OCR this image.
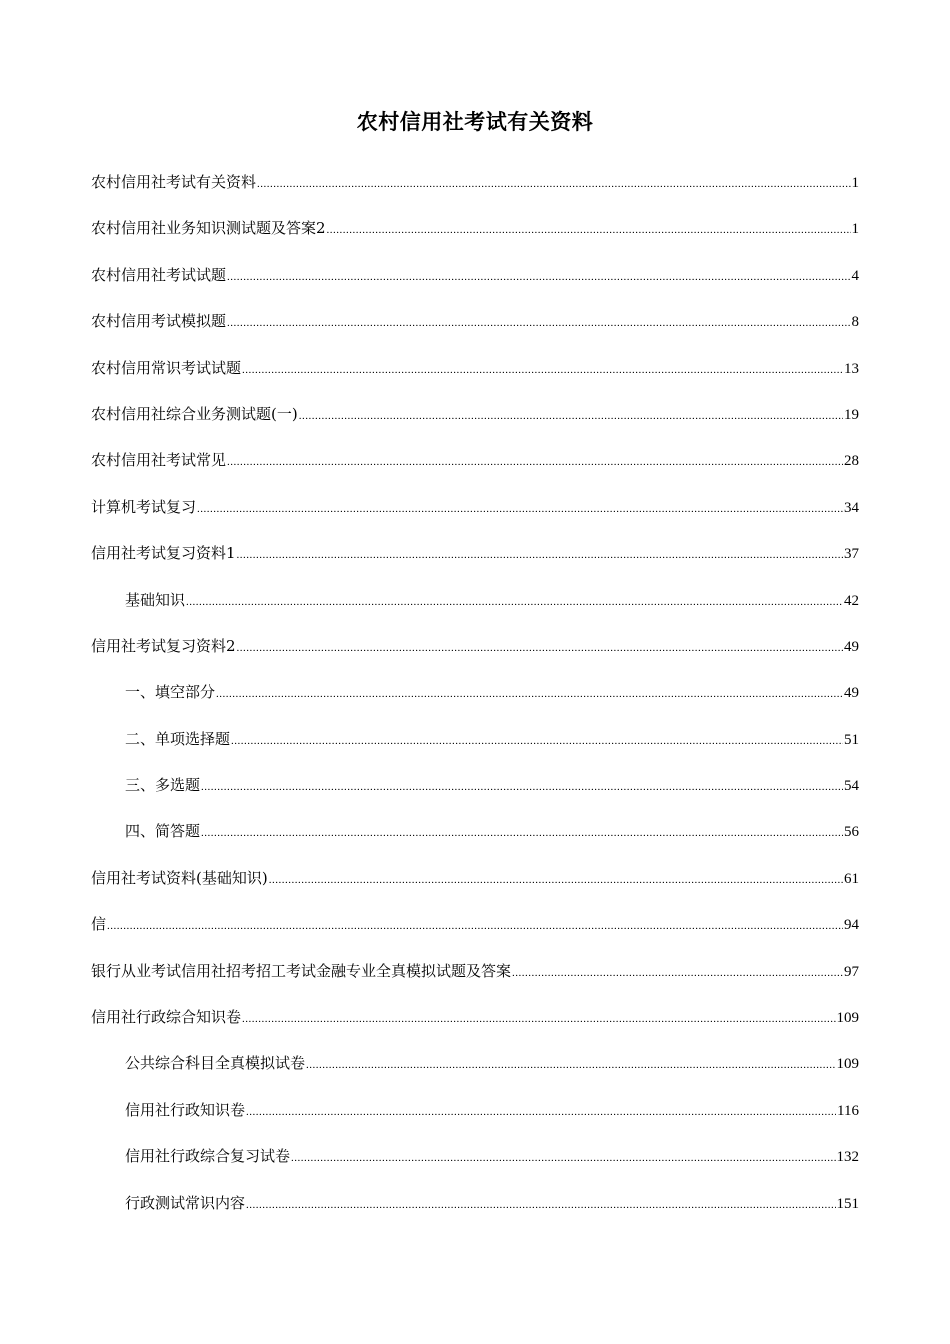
农村信用社考试有关资料
农村信用社考试有关资料 .....	1
农村信用社业务知识测试题及答案2 .....	1
农村信用社考试试题 .....	4
农村信用考试模拟题 .....	8
农村信用常识考试试题 .....	13
农村信用社综合业务测试题(一) .....	19
农村信用社考试常见 .....	28
计算机考试复习 .....	34
信用社考试复习资料1 .....	37
基础知识 .....	42
信用社考试复习资料2 .....	49
一、填空部分 .....	49
二、单项选择题 .....	51
三、多选题 .....	54
四、简答题 .....	56
信用社考试资料(基础知识) .....	61
信 .....	94
银行从业考试信用社招考招工考试金融专业全真模拟试题及答案 .....	97
信用社行政综合知识卷 .....	109
公共综合科目全真模拟试卷 .....	109
信用社行政知识卷 .....	116
信用社行政综合复习试卷 .....	132
行政测试常识内容 .....	151
